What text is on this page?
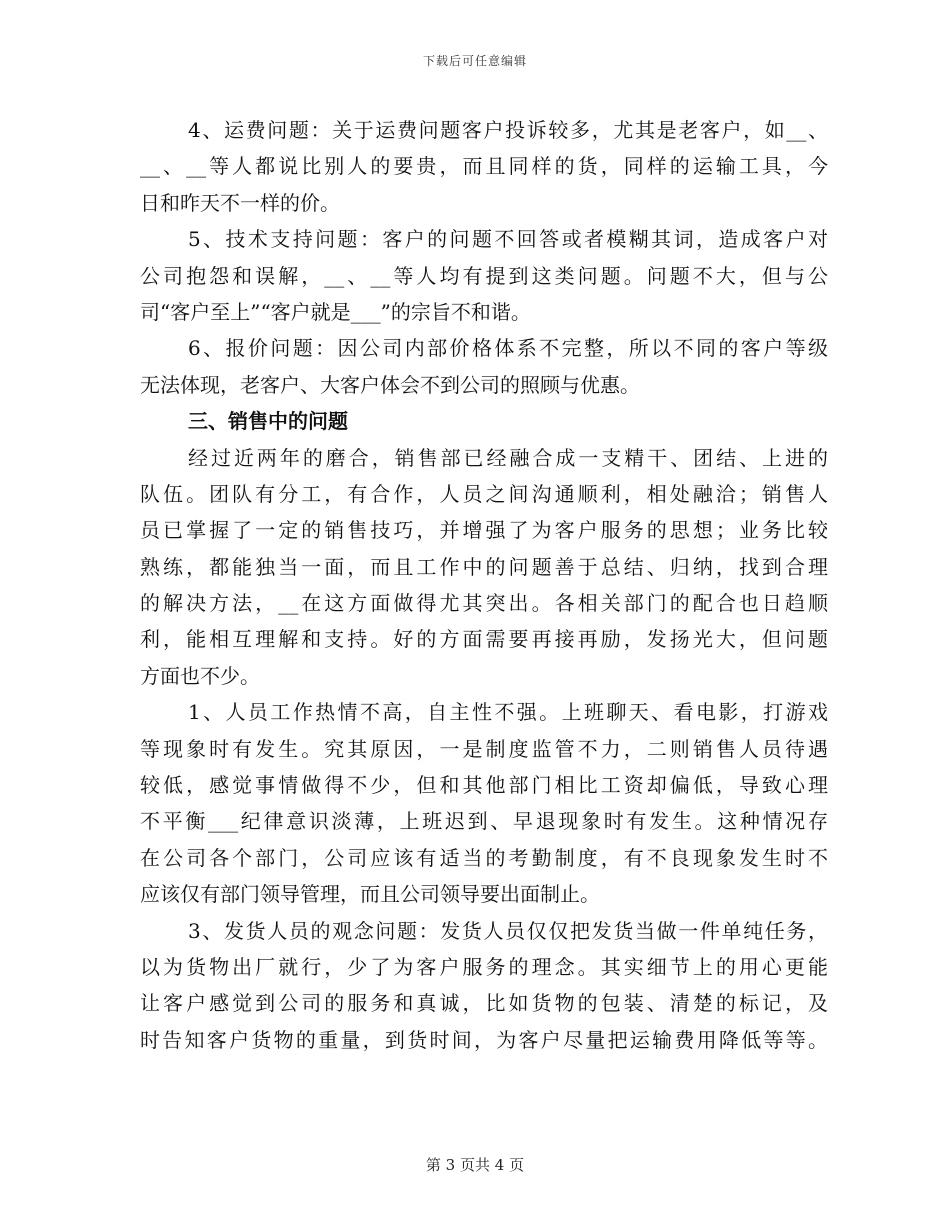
下载后可任意编辑
4、运费问题：关于运费问题客户投诉较多，尤其是老客户，如__、
__、__等人都说比别人的要贵，而且同样的货，同样的运输工具，今
日和昨天不一样的价。
5、技术支持问题：客户的问题不回答或者模糊其词，造成客户对
公司抱怨和误解，__、__等人均有提到这类问题。问题不大，但与公
司“客户至上”“客户就是___”的宗旨不和谐。
6、报价问题：因公司内部价格体系不完整，所以不同的客户等级
无法体现，老客户、大客户体会不到公司的照顾与优惠。
三、销售中的问题
经过近两年的磨合，销售部已经融合成一支精干、团结、上进的
队伍。团队有分工，有合作，人员之间沟通顺利，相处融洽；销售人
员已掌握了一定的销售技巧，并增强了为客户服务的思想；业务比较
熟练，都能独当一面，而且工作中的问题善于总结、归纳，找到合理
的解决方法，__在这方面做得尤其突出。各相关部门的配合也日趋顺
利，能相互理解和支持。好的方面需要再接再励，发扬光大，但问题
方面也不少。
1、人员工作热情不高，自主性不强。上班聊天、看电影，打游戏
等现象时有发生。究其原因，一是制度监管不力，二则销售人员待遇
较低，感觉事情做得不少，但和其他部门相比工资却偏低，导致心理
不平衡___纪律意识淡薄，上班迟到、早退现象时有发生。这种情况存
在公司各个部门，公司应该有适当的考勤制度，有不良现象发生时不
应该仅有部门领导管理，而且公司领导要出面制止。
3、发货人员的观念问题：发货人员仅仅把发货当做一件单纯任务，
以为货物出厂就行，少了为客户服务的理念。其实细节上的用心更能
让客户感觉到公司的服务和真诚，比如货物的包装、清楚的标记，及
时告知客户货物的重量，到货时间，为客户尽量把运输费用降低等等。
第 3 页共 4 页
